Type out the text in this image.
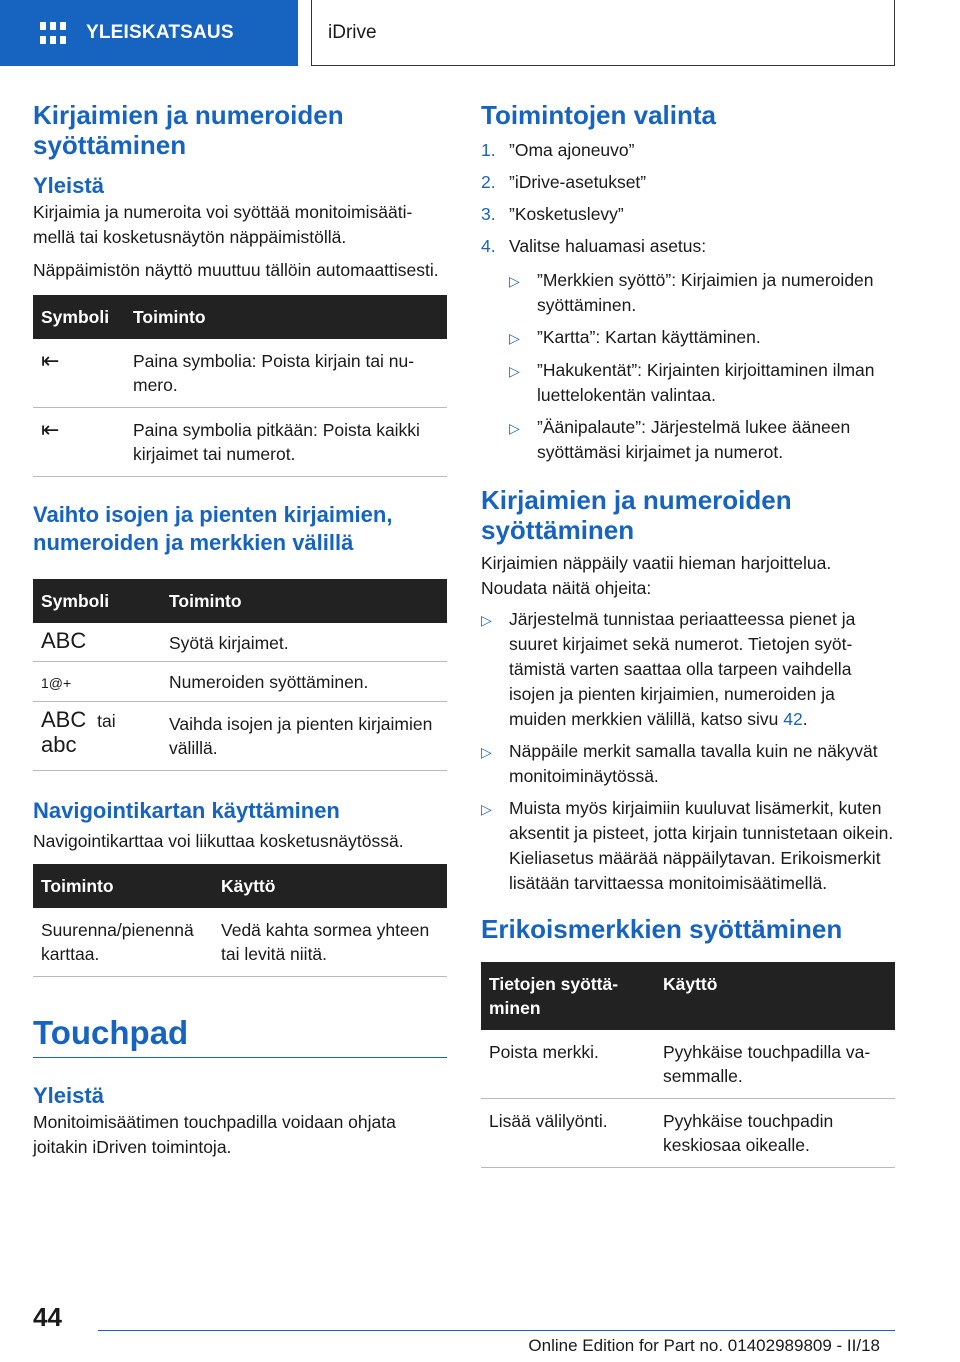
YLEISKATSAUS	iDrive
Kirjaimien ja numeroiden syöttäminen
Yleistä

Kirjaimia ja numeroita voi syöttää monitoimisäätimellä tai kosketusnäytön näppäimistöllä.

Näppäimistön näyttö muuttuu tällöin automaattisesti.

Symboli	Toiminto
⇤	Paina symbolia: Poista kirjain tai numero.
⇤	Paina symbolia pitkään: Poista kaikki kirjaimet tai numerot.
Vaihto isojen ja pienten kirjaimien, numeroiden ja merkkien välillä
Symboli	Toiminto
ABC	Syötä kirjaimet.
1@+	Numeroiden syöttäminen.
ABC tai
abc	Vaihda isojen ja pienten kirjaimien välillä.
Navigointikartan käyttäminen

Navigointikarttaa voi liikuttaa kosketusnäytössä.

Toiminto	Käyttö
Suurenna/pienennä karttaa.	Vedä kahta sormea yhteen tai levitä niitä.
Touchpad
Yleistä

Monitoimisäätimen touchpadilla voidaan ohjata joitakin iDriven toimintoja.

Toimintojen valinta
1. ”Oma ajoneuvo”
2. ”iDrive-asetukset”
3. ”Kosketuslevy”
4. Valitse haluamasi asetus:
▷ ”Merkkien syöttö”: Kirjaimien ja numeroiden syöttäminen.
▷ ”Kartta”: Kartan käyttäminen.
▷ ”Hakukentät”: Kirjainten kirjoittaminen ilman luettelokentän valintaa.
▷ ”Äänipalaute”: Järjestelmä lukee ääneen syöttämäsi kirjaimet ja numerot.
Kirjaimien ja numeroiden syöttäminen

Kirjaimien näppäily vaatii hieman harjoittelua. Noudata näitä ohjeita:

▷ Järjestelmä tunnistaa periaatteessa pienet ja suuret kirjaimet sekä numerot. Tietojen syöttämistä varten saattaa olla tarpeen vaihdella isojen ja pienten kirjaimien, numeroiden ja muiden merkkien välillä, katso sivu 42.
▷ Näppäile merkit samalla tavalla kuin ne näkyvät monitoiminäytössä.
▷ Muista myös kirjaimiin kuuluvat lisämerkit, kuten aksentit ja pisteet, jotta kirjain tunnistetaan oikein. Kieliasetus määrää näppäilytavan. Erikoismerkit lisätään tarvittaessa monitoimisäätimellä.
Erikoismerkkien syöttäminen
Tietojen syöttäminen	Käyttö
Poista merkki.	Pyyhkäise touchpadilla vasemmalle.
Lisää välilyönti.	Pyyhkäise touchpadin keskiosaa oikealle.
44
Online Edition for Part no. 01402989809 - II/18
